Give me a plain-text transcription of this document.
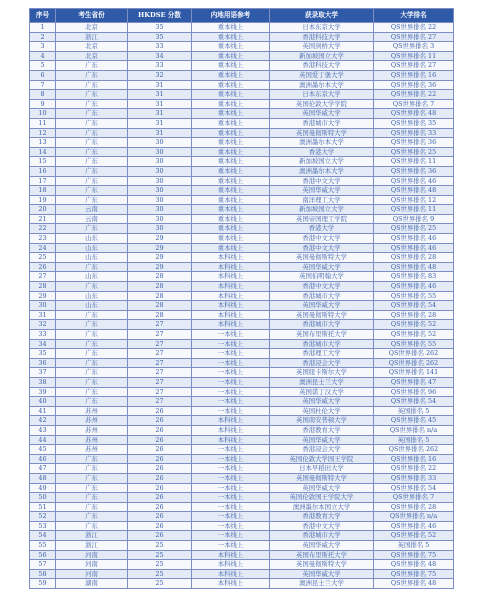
序号	考生省份	HKDSE 分数	内地用语参考	获录取大学	大学排名
1	北京	35	重本线上	日本东京大学	QS世界排名 22
2	浙江	35	重本线上	香港科技大学	QS世界排名 27
3	北京	33	重本线上	英国剑桥大学	QS世界排名 3
4	北京	34	重本线上	新加坡国立大学	QS世界排名 11
5	广东	33	重本线上	香港科技大学	QS世界排名 27
6	广东	32	重本线上	英国爱丁堡大学	QS世界排名 16
7	广东	31	重本线上	澳洲墨尔本大学	QS世界排名 36
8	广东	31	重本线上	日本东京大学	QS世界排名 22
9	广东	31	重本线上	英国伦敦大学学院	QS世界排名 7
10	广东	31	重本线上	英国华威大学	QS世界排名 48
11	广东	31	重本线上	香港城市大学	QS世界排名 35
12	广东	31	重本线上	英国曼彻斯特大学	QS世界排名 33
13	广东	30	重本线上	澳洲墨尔本大学	QS世界排名 36
14	广东	30	重本线上	香港大学	QS世界排名 25
15	广东	30	重本线上	新加坡国立大学	QS世界排名 11
16	广东	30	重本线上	澳洲墨尔本大学	QS世界排名 36
17	广东	30	重本线上	香港中文大学	QS世界排名 46
18	广东	30	重本线上	英国华威大学	QS世界排名 48
19	广东	30	重本线上	南洋理工大学	QS世界排名 12
20	云南	30	重本线上	新加坡国立大学	QS世界排名 11
21	云南	30	重本线上	英国帝国理工学院	QS世界排名 9
22	广东	30	重本线上	香港大学	QS世界排名 25
23	山东	29	重本线上	香港中文大学	QS世界排名 46
24	山东	29	重本线上	香港中文大学	QS世界排名 46
25	山东	29	本科线上	英国曼彻斯特大学	QS世界排名 28
26	广东	29	本科线上	英国华威大学	QS世界排名 48
27	山东	28	本科线上	英国伯明翰大学	QS世界排名 83
28	广东	28	本科线上	香港中文大学	QS世界排名 46
29	山东	28	本科线上	香港城市大学	QS世界排名 55
30	山东	28	本科线上	英国华威大学	QS世界排名 54
31	广东	28	本科线上	英国曼彻斯特大学	QS世界排名 28
32	广东	27	本科线上	香港城市大学	QS世界排名 52
33	广东	27	一本线上	英国布里斯托大学	QS世界排名 52
34	广东	27	一本线上	香港城市大学	QS世界排名 55
35	广东	27	一本线上	香港理工大学	QS世界排名 262
36	广东	27	一本线上	香港浸会大学	QS世界排名 262
37	广东	27	一本线上	英国纽卡斯尔大学	QS世界排名 141
38	广东	27	一本线上	澳洲昆士兰大学	QS世界排名 47
39	广东	27	一本线上	英国诺丁汉大学	QS世界排名 96
40	广东	27	一本线上	英国华威大学	QS世界排名 54
41	苏州	26	一本线上	英国杜伦大学	英国排名 5
42	苏州	26	本科线上	英国南安普顿大学	QS世界排名 45
43	苏州	26	本科线上	香港教育大学	QS世界排名 n/a
44	苏州	26	本科线上	英国华威大学	英国排名 5
45	苏州	26	一本线上	香港浸会大学	QS世界排名 262
46	广东	26	一本线上	英国伦敦大学国王学院	QS世界排名 16
47	广东	26	一本线上	日本早稻田大学	QS世界排名 22
48	广东	26	一本线上	英国曼彻斯特大学	QS世界排名 33
49	广东	26	一本线上	英国华威大学	QS世界排名 54
50	广东	26	一本线上	英国伦敦国王学院大学	QS世界排名 7
51	广东	26	一本线上	澳洲墨尔本国立大学	QS世界排名 28
52	广东	26	一本线上	香港教育大学	QS世界排名 n/a
53	广东	26	一本线上	香港中文大学	QS世界排名 46
54	浙江	26	一本线上	香港城市大学	QS世界排名 52
55	浙江	25	一本线上	英国华威大学	英国排名 5
56	河南	25	本科线上	英国布里斯托大学	QS世界排名 75
57	河南	25	本科线上	英国曼彻斯特大学	QS世界排名 48
58	河南	25	本科线上	英国华威大学	QS世界排名 75
59	湖南	25	本科线上	澳洲昆士兰大学	QS世界排名 48
